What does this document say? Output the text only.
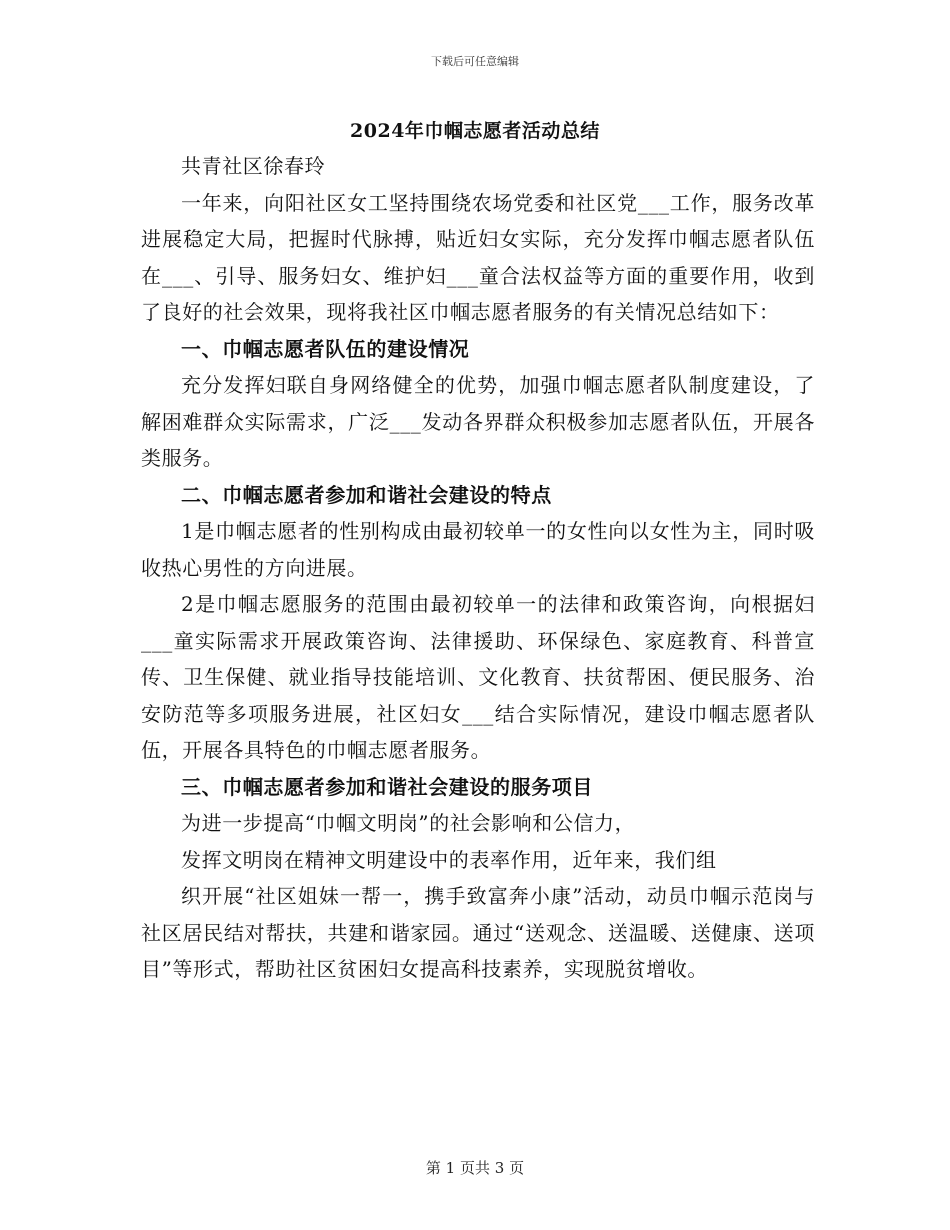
下载后可任意编辑
2024年巾帼志愿者活动总结

共青社区徐春玲

一年来，向阳社区女工坚持围绕农场党委和社区党___工作，服务改革进展稳定大局，把握时代脉搏，贴近妇女实际，充分发挥巾帼志愿者队伍在___、引导、服务妇女、维护妇___童合法权益等方面的重要作用，收到了良好的社会效果，现将我社区巾帼志愿者服务的有关情况总结如下：

一、巾帼志愿者队伍的建设情况

充分发挥妇联自身网络健全的优势，加强巾帼志愿者队制度建设，了解困难群众实际需求，广泛___发动各界群众积极参加志愿者队伍，开展各类服务。

二、巾帼志愿者参加和谐社会建设的特点

1是巾帼志愿者的性别构成由最初较单一的女性向以女性为主，同时吸收热心男性的方向进展。

2是巾帼志愿服务的范围由最初较单一的法律和政策咨询，向根据妇___童实际需求开展政策咨询、法律援助、环保绿色、家庭教育、科普宣传、卫生保健、就业指导技能培训、文化教育、扶贫帮困、便民服务、治安防范等多项服务进展，社区妇女___结合实际情况，建设巾帼志愿者队伍，开展各具特色的巾帼志愿者服务。

三、巾帼志愿者参加和谐社会建设的服务项目

为进一步提高“巾帼文明岗”的社会影响和公信力，

发挥文明岗在精神文明建设中的表率作用，近年来，我们组

织开展“社区姐妹一帮一，携手致富奔小康”活动，动员巾帼示范岗与社区居民结对帮扶，共建和谐家园。通过“送观念、送温暖、送健康、送项目”等形式，帮助社区贫困妇女提高科技素养，实现脱贫增收。

第 1 页共 3 页
